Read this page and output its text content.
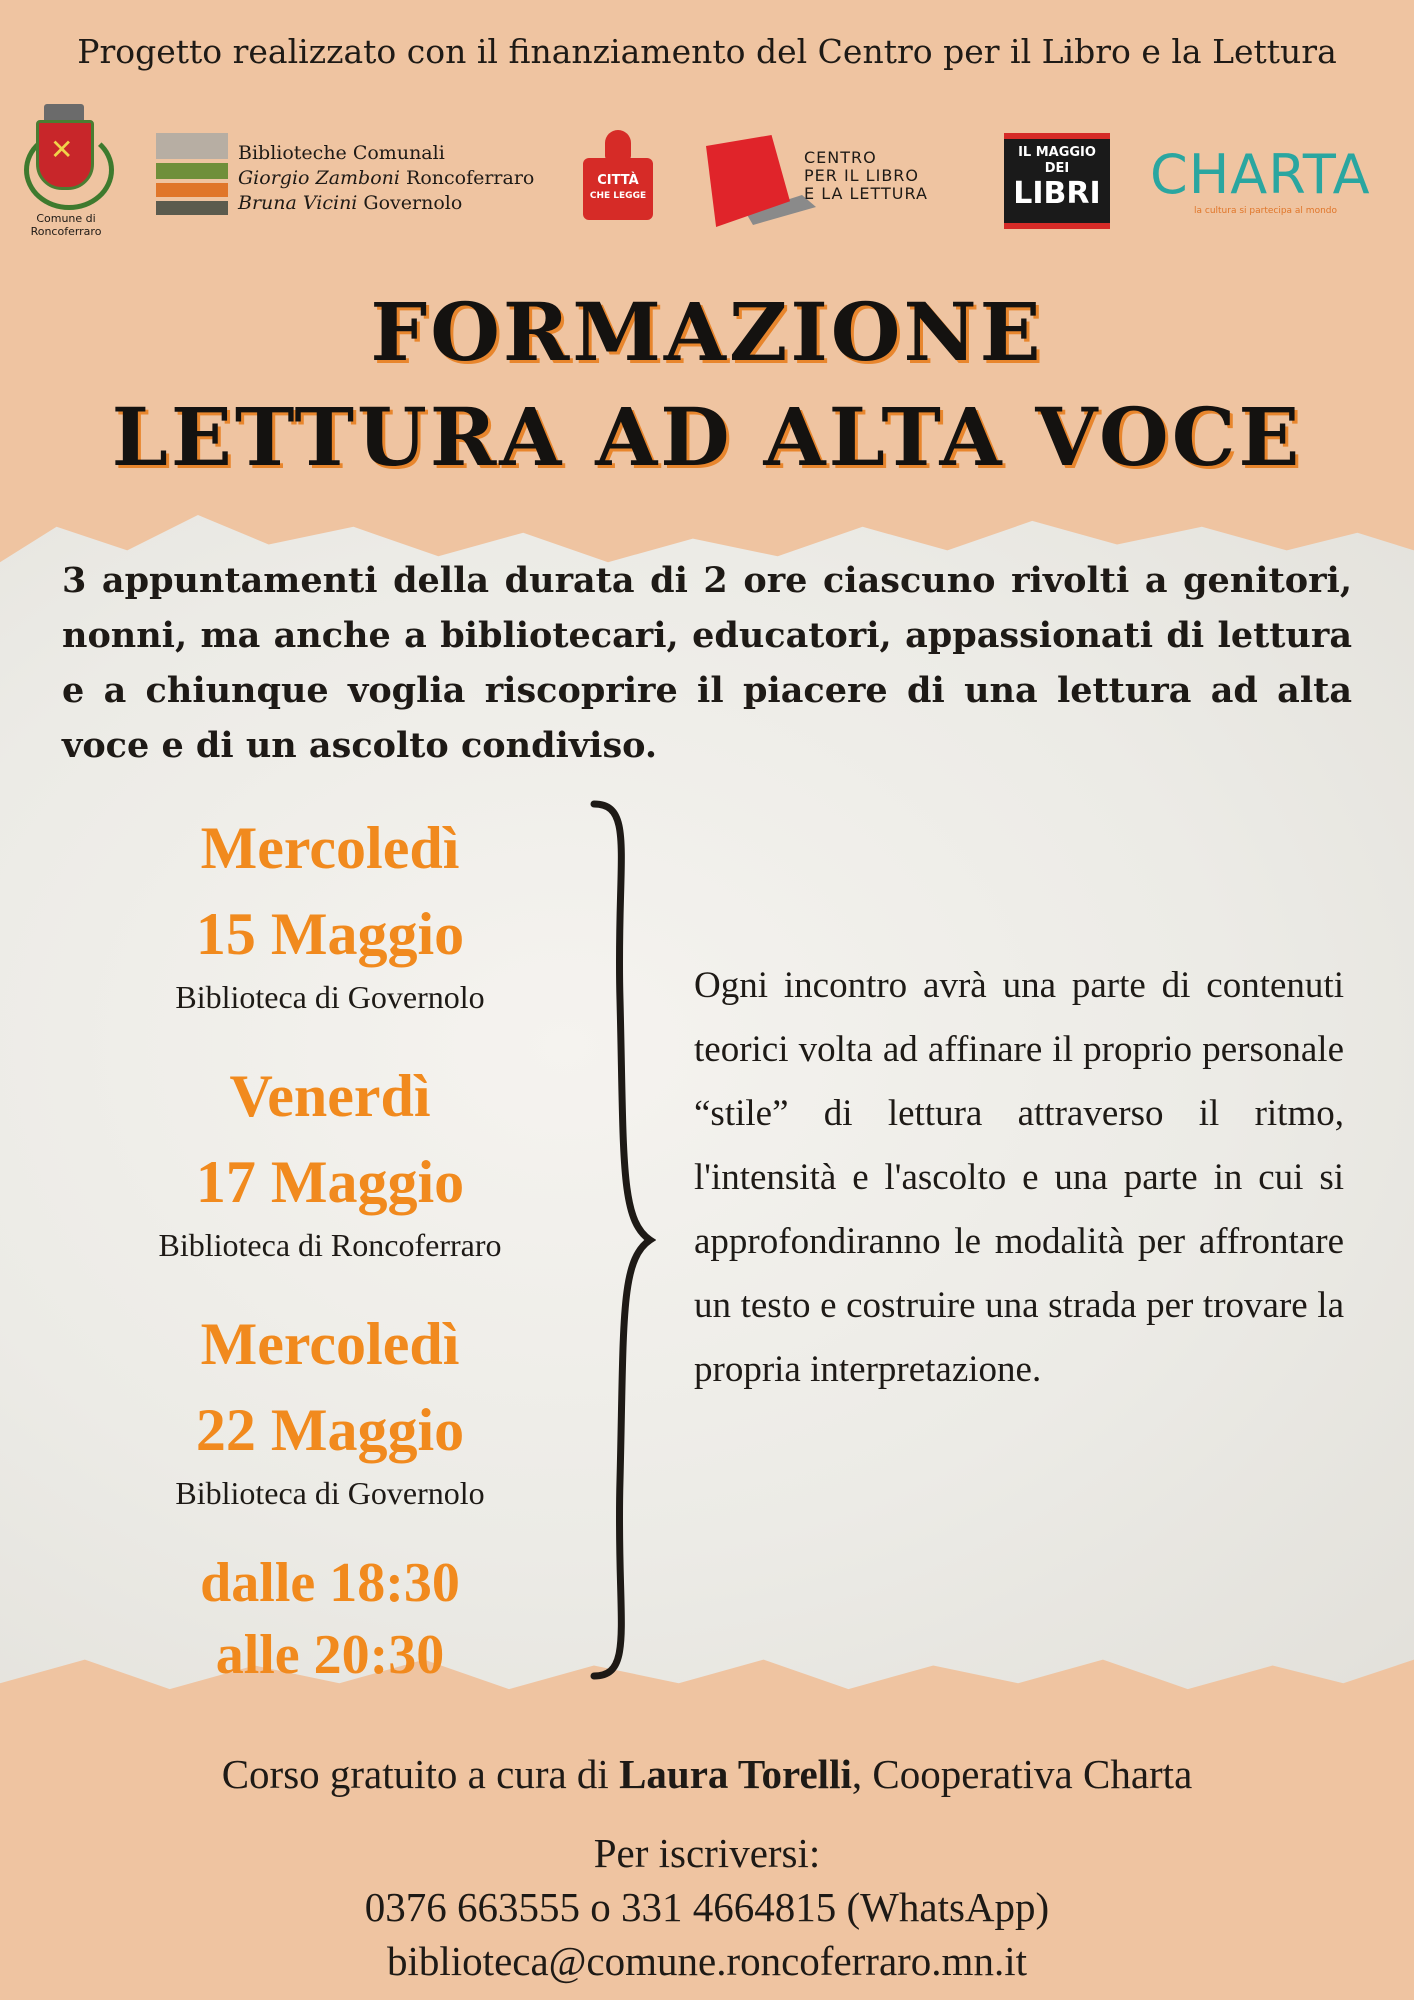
Progetto realizzato con il finanziamento del Centro per il Libro e la Lettura
✕
Comune di
Roncoferraro
Biblioteche Comunali
Giorgio Zamboni Roncoferraro
Bruna Vicini Governolo
CITTÀ
CHE LEGGE
CENTRO
PER IL LIBRO
E LA LETTURA
IL MAGGIO DEI
LIBRI CHARTA
la cultura si partecipa al mondo
FORMAZIONE
LETTURA AD ALTA VOCE
3 appuntamenti della durata di 2 ore ciascuno rivolti a genitori, nonni, ma anche a bibliotecari, educatori, appassionati di lettura e a chiunque voglia riscoprire il piacere di una lettura ad alta voce e di un ascolto condiviso.
Mercoledì
15 Maggio
Biblioteca di Governolo
Venerdì
17 Maggio
Biblioteca di Roncoferraro
Mercoledì
22 Maggio
Biblioteca di Governolo
dalle 18:30
alle 20:30
Ogni incontro avrà una parte di contenuti teorici volta ad affinare il proprio personale “stile” di lettura attraverso il ritmo, l'intensità e l'ascolto e una parte in cui si approfondiranno le modalità per affrontare un testo e costruire una strada per trovare la propria interpretazione.
Corso gratuito a cura di Laura Torelli, Cooperativa Charta
Per iscriversi:
0376 663555 o 331 4664815 (WhatsApp)
biblioteca@comune.roncoferraro.mn.it
